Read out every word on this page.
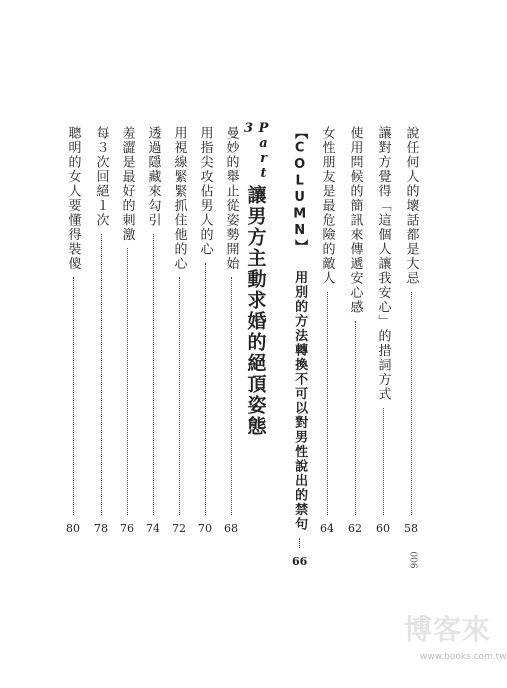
說任何人的壞話都是大忌
58
讓對方覺得「這個人讓我安心」的措詞方式
60
使用問候的簡訊來傳遞安心感
62
女性朋友是最危險的敵人
64
【COLUMN】 用別的方法轉換不可以對男性說出的禁句
66
Part 3
讓男方主動求婚的絕頂姿態
曼妙的舉止從姿勢開始
68
用指尖攻佔男人的心
70
用視線緊緊抓住他的心
72
透過隱藏來勾引
74
羞澀是最好的刺激
76
每３次回絕１次
78
聰明的女人要懂得裝傻
80
006
博客來
www.books.com.tw
